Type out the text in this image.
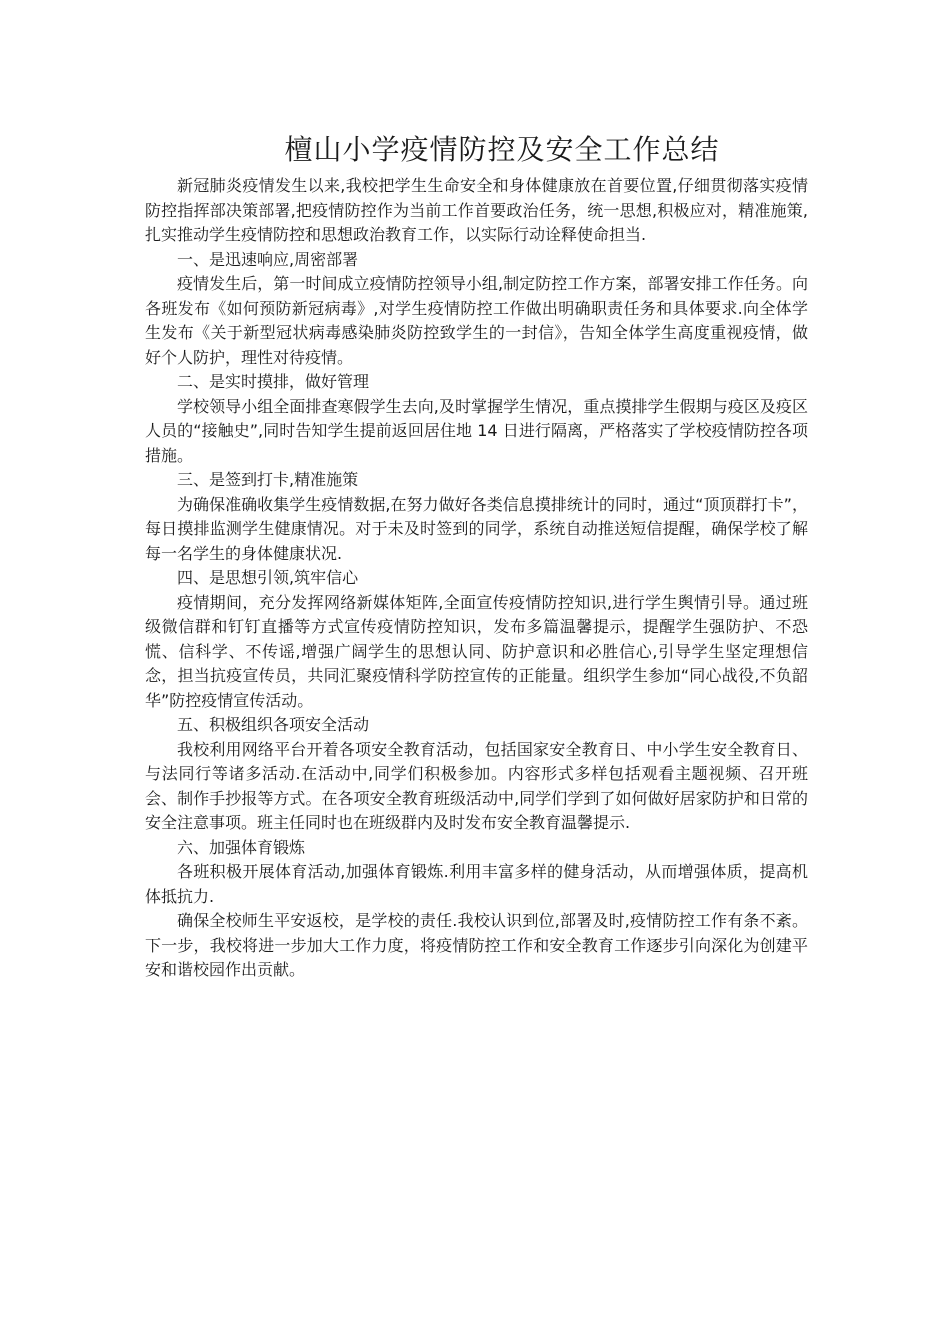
檀山小学疫情防控及安全工作总结

新冠肺炎疫情发生以来,我校把学生生命安全和身体健康放在首要位置,仔细贯彻落实疫情防控指挥部决策部署,把疫情防控作为当前工作首要政治任务，统一思想,积极应对，精准施策,扎实推动学生疫情防控和思想政治教育工作，以实际行动诠释使命担当.

一、是迅速响应,周密部署

疫情发生后，第一时间成立疫情防控领导小组,制定防控工作方案，部署安排工作任务。向各班发布《如何预防新冠病毒》,对学生疫情防控工作做出明确职责任务和具体要求.向全体学生发布《关于新型冠状病毒感染肺炎防控致学生的一封信》，告知全体学生高度重视疫情，做好个人防护，理性对待疫情。

二、是实时摸排，做好管理

学校领导小组全面排查寒假学生去向,及时掌握学生情况，重点摸排学生假期与疫区及疫区人员的“接触史”,同时告知学生提前返回居住地 14 日进行隔离，严格落实了学校疫情防控各项措施。

三、是签到打卡,精准施策

为确保准确收集学生疫情数据,在努力做好各类信息摸排统计的同时，通过“顶顶群打卡”，每日摸排监测学生健康情况。对于未及时签到的同学，系统自动推送短信提醒，确保学校了解每一名学生的身体健康状况.

四、是思想引领,筑牢信心

疫情期间，充分发挥网络新媒体矩阵,全面宣传疫情防控知识,进行学生舆情引导。通过班级微信群和钉钉直播等方式宣传疫情防控知识，发布多篇温馨提示，提醒学生强防护、不恐慌、信科学、不传谣,增强广阔学生的思想认同、防护意识和必胜信心,引导学生坚定理想信念，担当抗疫宣传员，共同汇聚疫情科学防控宣传的正能量。组织学生参加“同心战役,不负韶华”防控疫情宣传活动。

五、积极组织各项安全活动

我校利用网络平台开着各项安全教育活动，包括国家安全教育日、中小学生安全教育日、与法同行等诸多活动.在活动中,同学们积极参加。内容形式多样包括观看主题视频、召开班会、制作手抄报等方式。在各项安全教育班级活动中,同学们学到了如何做好居家防护和日常的安全注意事项。班主任同时也在班级群内及时发布安全教育温馨提示.

六、加强体育锻炼

各班积极开展体育活动,加强体育锻炼.利用丰富多样的健身活动，从而增强体质，提高机体抵抗力.

确保全校师生平安返校，是学校的责任.我校认识到位,部署及时,疫情防控工作有条不紊。下一步，我校将进一步加大工作力度，将疫情防控工作和安全教育工作逐步引向深化为创建平安和谐校园作出贡献。
